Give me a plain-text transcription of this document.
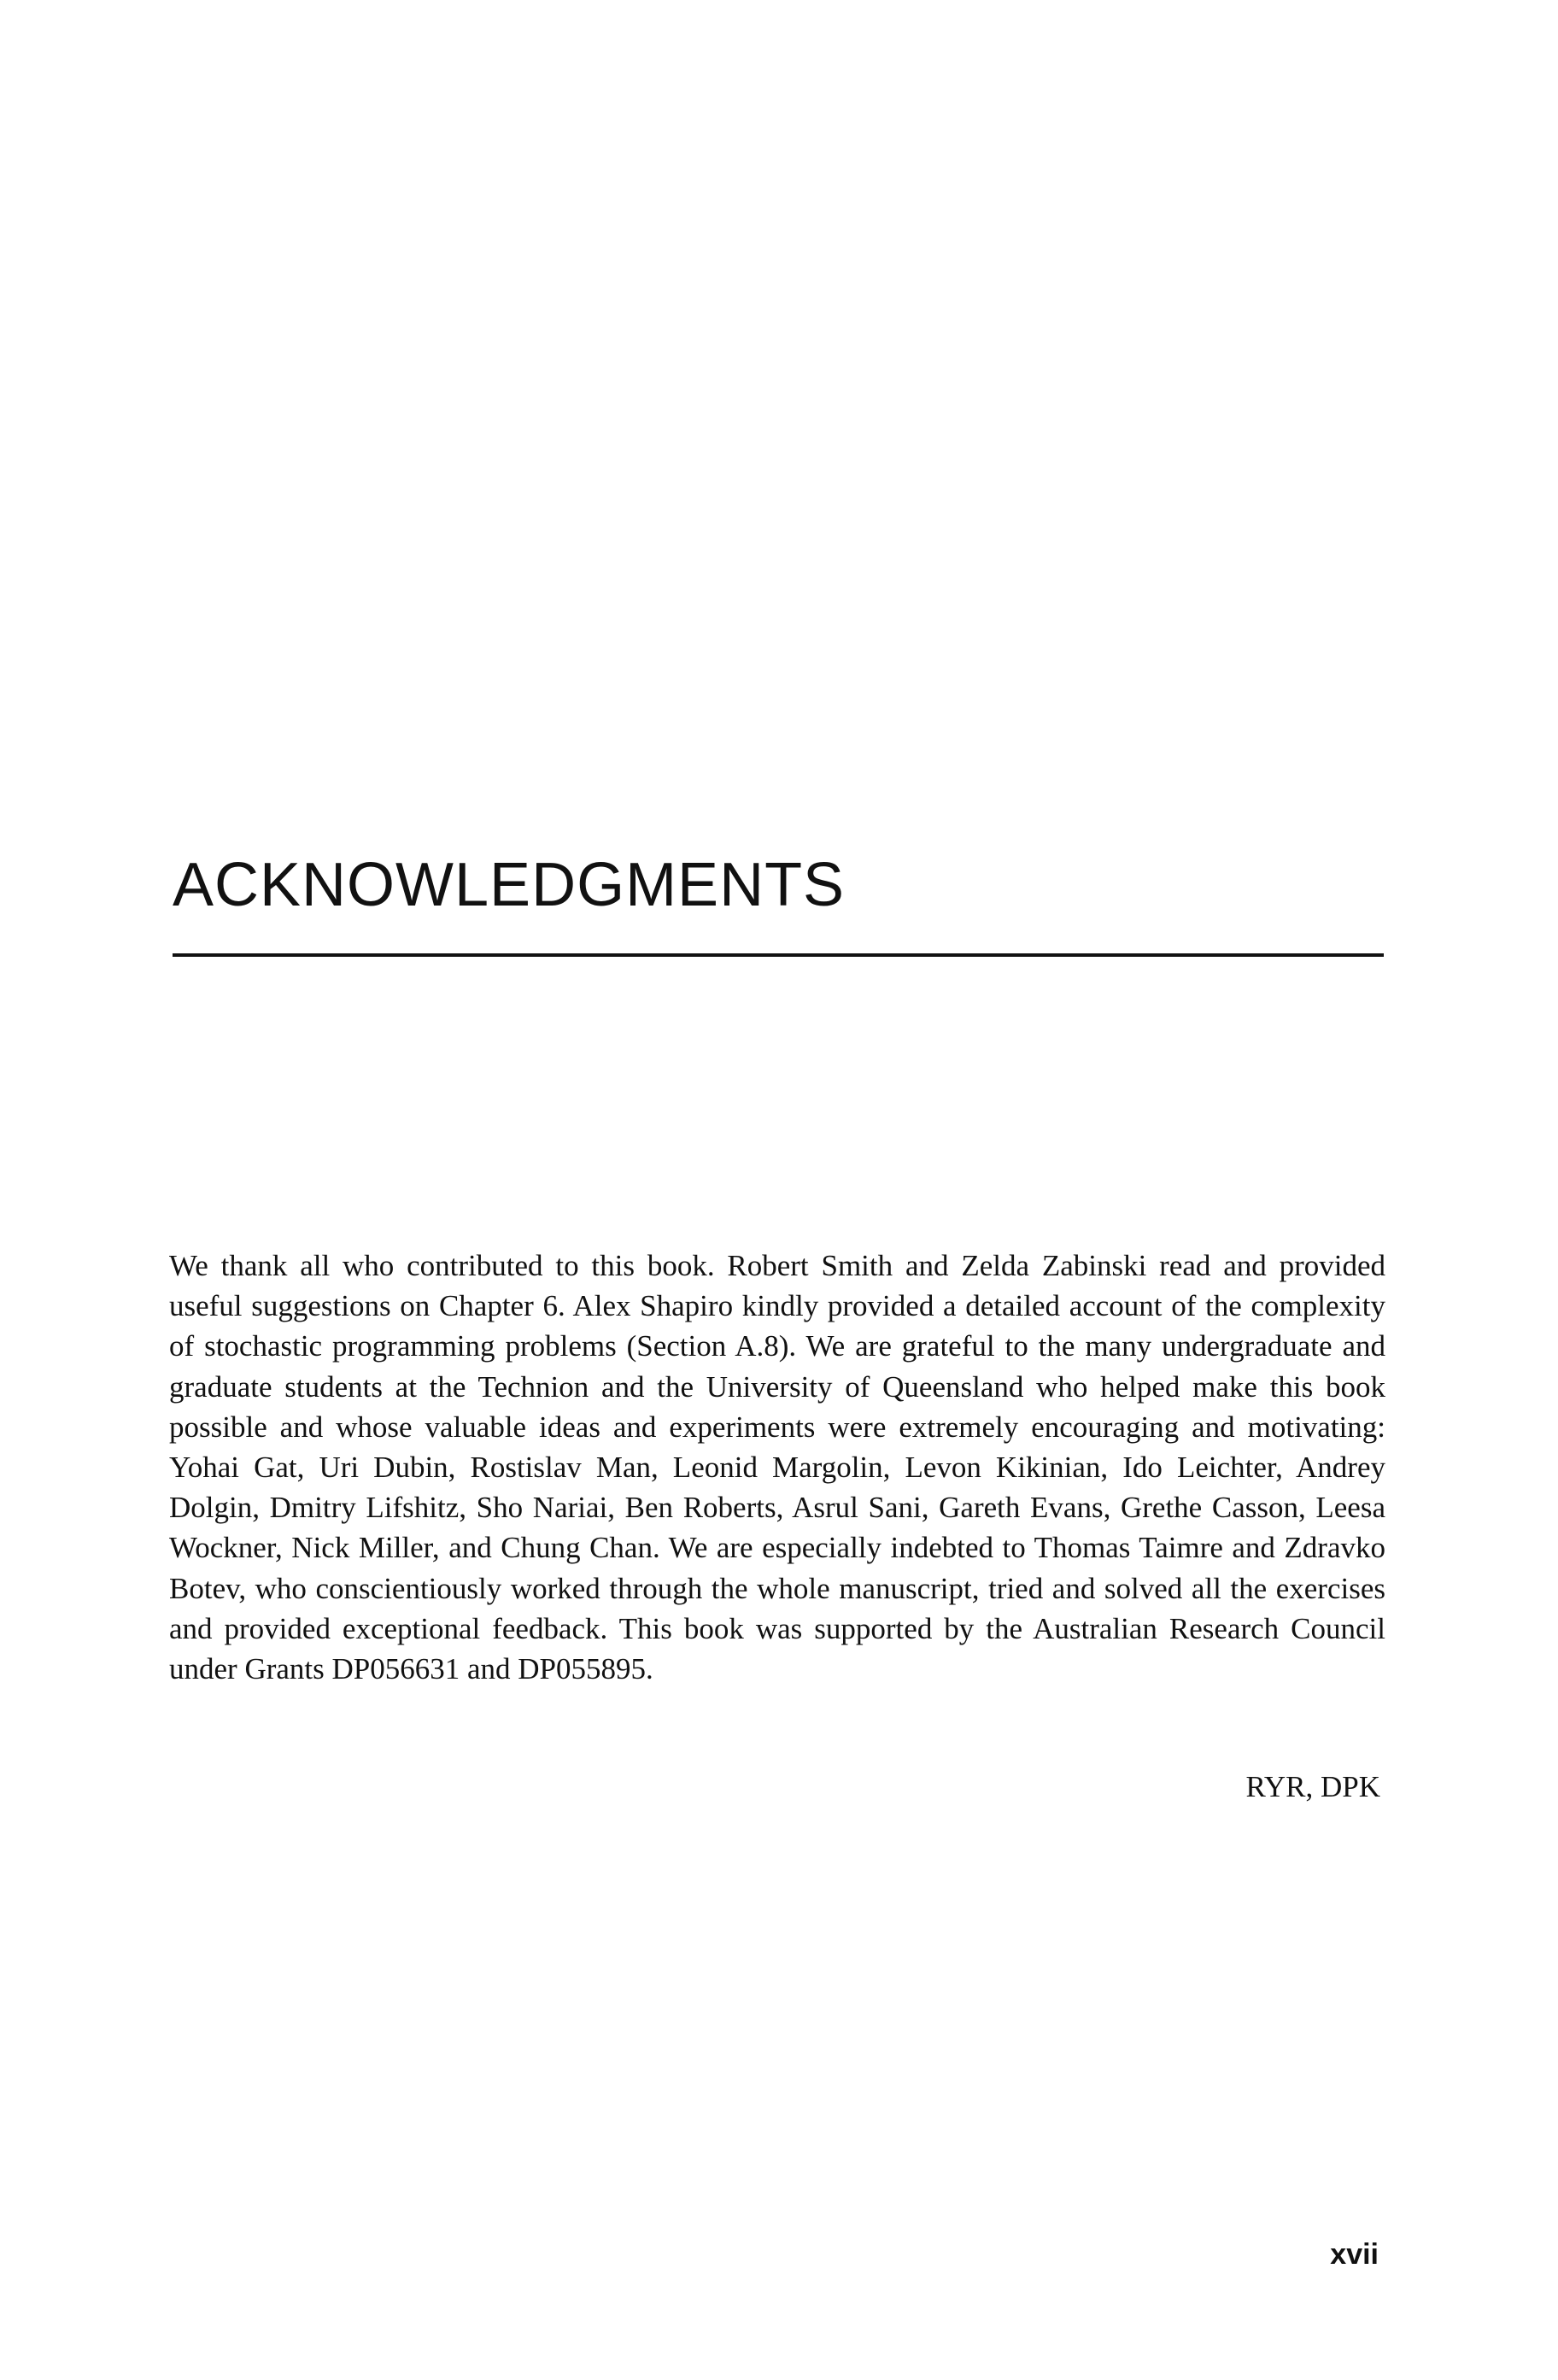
ACKNOWLEDGMENTS

We thank all who contributed to this book. Robert Smith and Zelda Zabinski read and provided useful suggestions on Chapter 6. Alex Shapiro kindly provided a detailed account of the complexity of stochastic programming problems (Section A.8). We are grateful to the many undergraduate and graduate students at the Technion and the University of Queensland who helped make this book possible and whose valuable ideas and experiments were extremely encouraging and motivating: Yohai Gat, Uri Dubin, Rostislav Man, Leonid Margolin, Levon Kikinian, Ido Leichter, Andrey Dolgin, Dmitry Lifshitz, Sho Nariai, Ben Roberts, Asrul Sani, Gareth Evans, Grethe Casson, Leesa Wockner, Nick Miller, and Chung Chan. We are especially indebted to Thomas Taimre and Zdravko Botev, who conscientiously worked through the whole manuscript, tried and solved all the exercises and provided exceptional feedback. This book was supported by the Australian Research Council under Grants DP056631 and DP055895.

RYR, DPK
xvii
